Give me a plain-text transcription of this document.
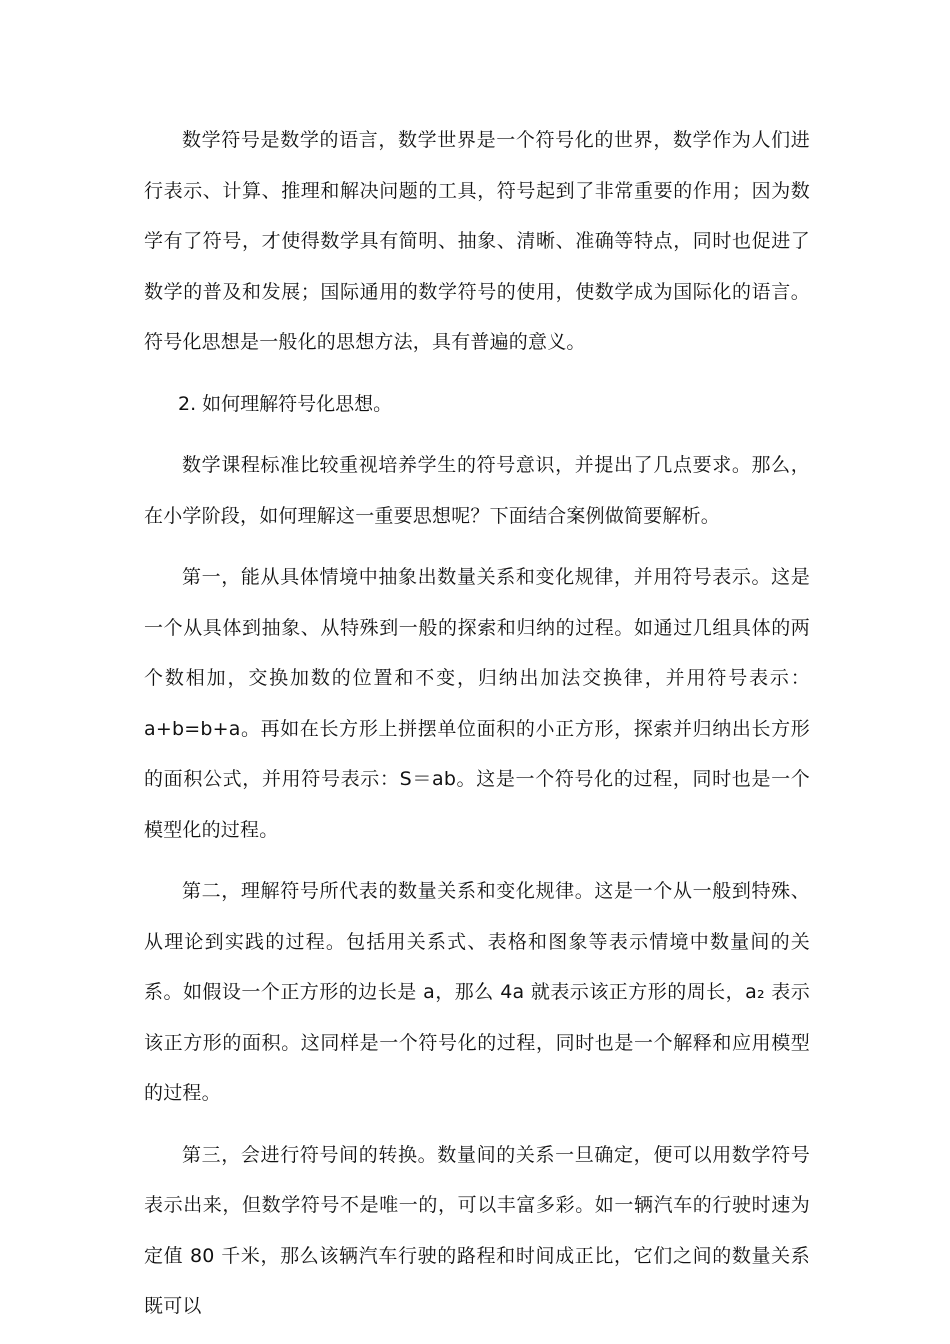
数学符号是数学的语言，数学世界是一个符号化的世界，数学作为人们进行表示、计算、推理和解决问题的工具，符号起到了非常重要的作用；因为数学有了符号，才使得数学具有简明、抽象、清晰、准确等特点，同时也促进了数学的普及和发展；国际通用的数学符号的使用，使数学成为国际化的语言。符号化思想是一般化的思想方法，具有普遍的意义。

2. 如何理解符号化思想。

数学课程标准比较重视培养学生的符号意识，并提出了几点要求。那么，在小学阶段，如何理解这一重要思想呢？下面结合案例做简要解析。

第一，能从具体情境中抽象出数量关系和变化规律，并用符号表示。这是一个从具体到抽象、从特殊到一般的探索和归纳的过程。如通过几组具体的两个数相加，交换加数的位置和不变，归纳出加法交换律，并用符号表示：a+b=b+a。再如在长方形上拼摆单位面积的小正方形，探索并归纳出长方形的面积公式，并用符号表示：S＝ab。这是一个符号化的过程，同时也是一个模型化的过程。

第二，理解符号所代表的数量关系和变化规律。这是一个从一般到特殊、从理论到实践的过程。包括用关系式、表格和图象等表示情境中数量间的关系。如假设一个正方形的边长是 a，那么 4a 就表示该正方形的周长，a₂ 表示该正方形的面积。这同样是一个符号化的过程，同时也是一个解释和应用模型的过程。

第三，会进行符号间的转换。数量间的关系一旦确定，便可以用数学符号表示出来，但数学符号不是唯一的，可以丰富多彩。如一辆汽车的行驶时速为定值 80 千米，那么该辆汽车行驶的路程和时间成正比，它们之间的数量关系既可以
